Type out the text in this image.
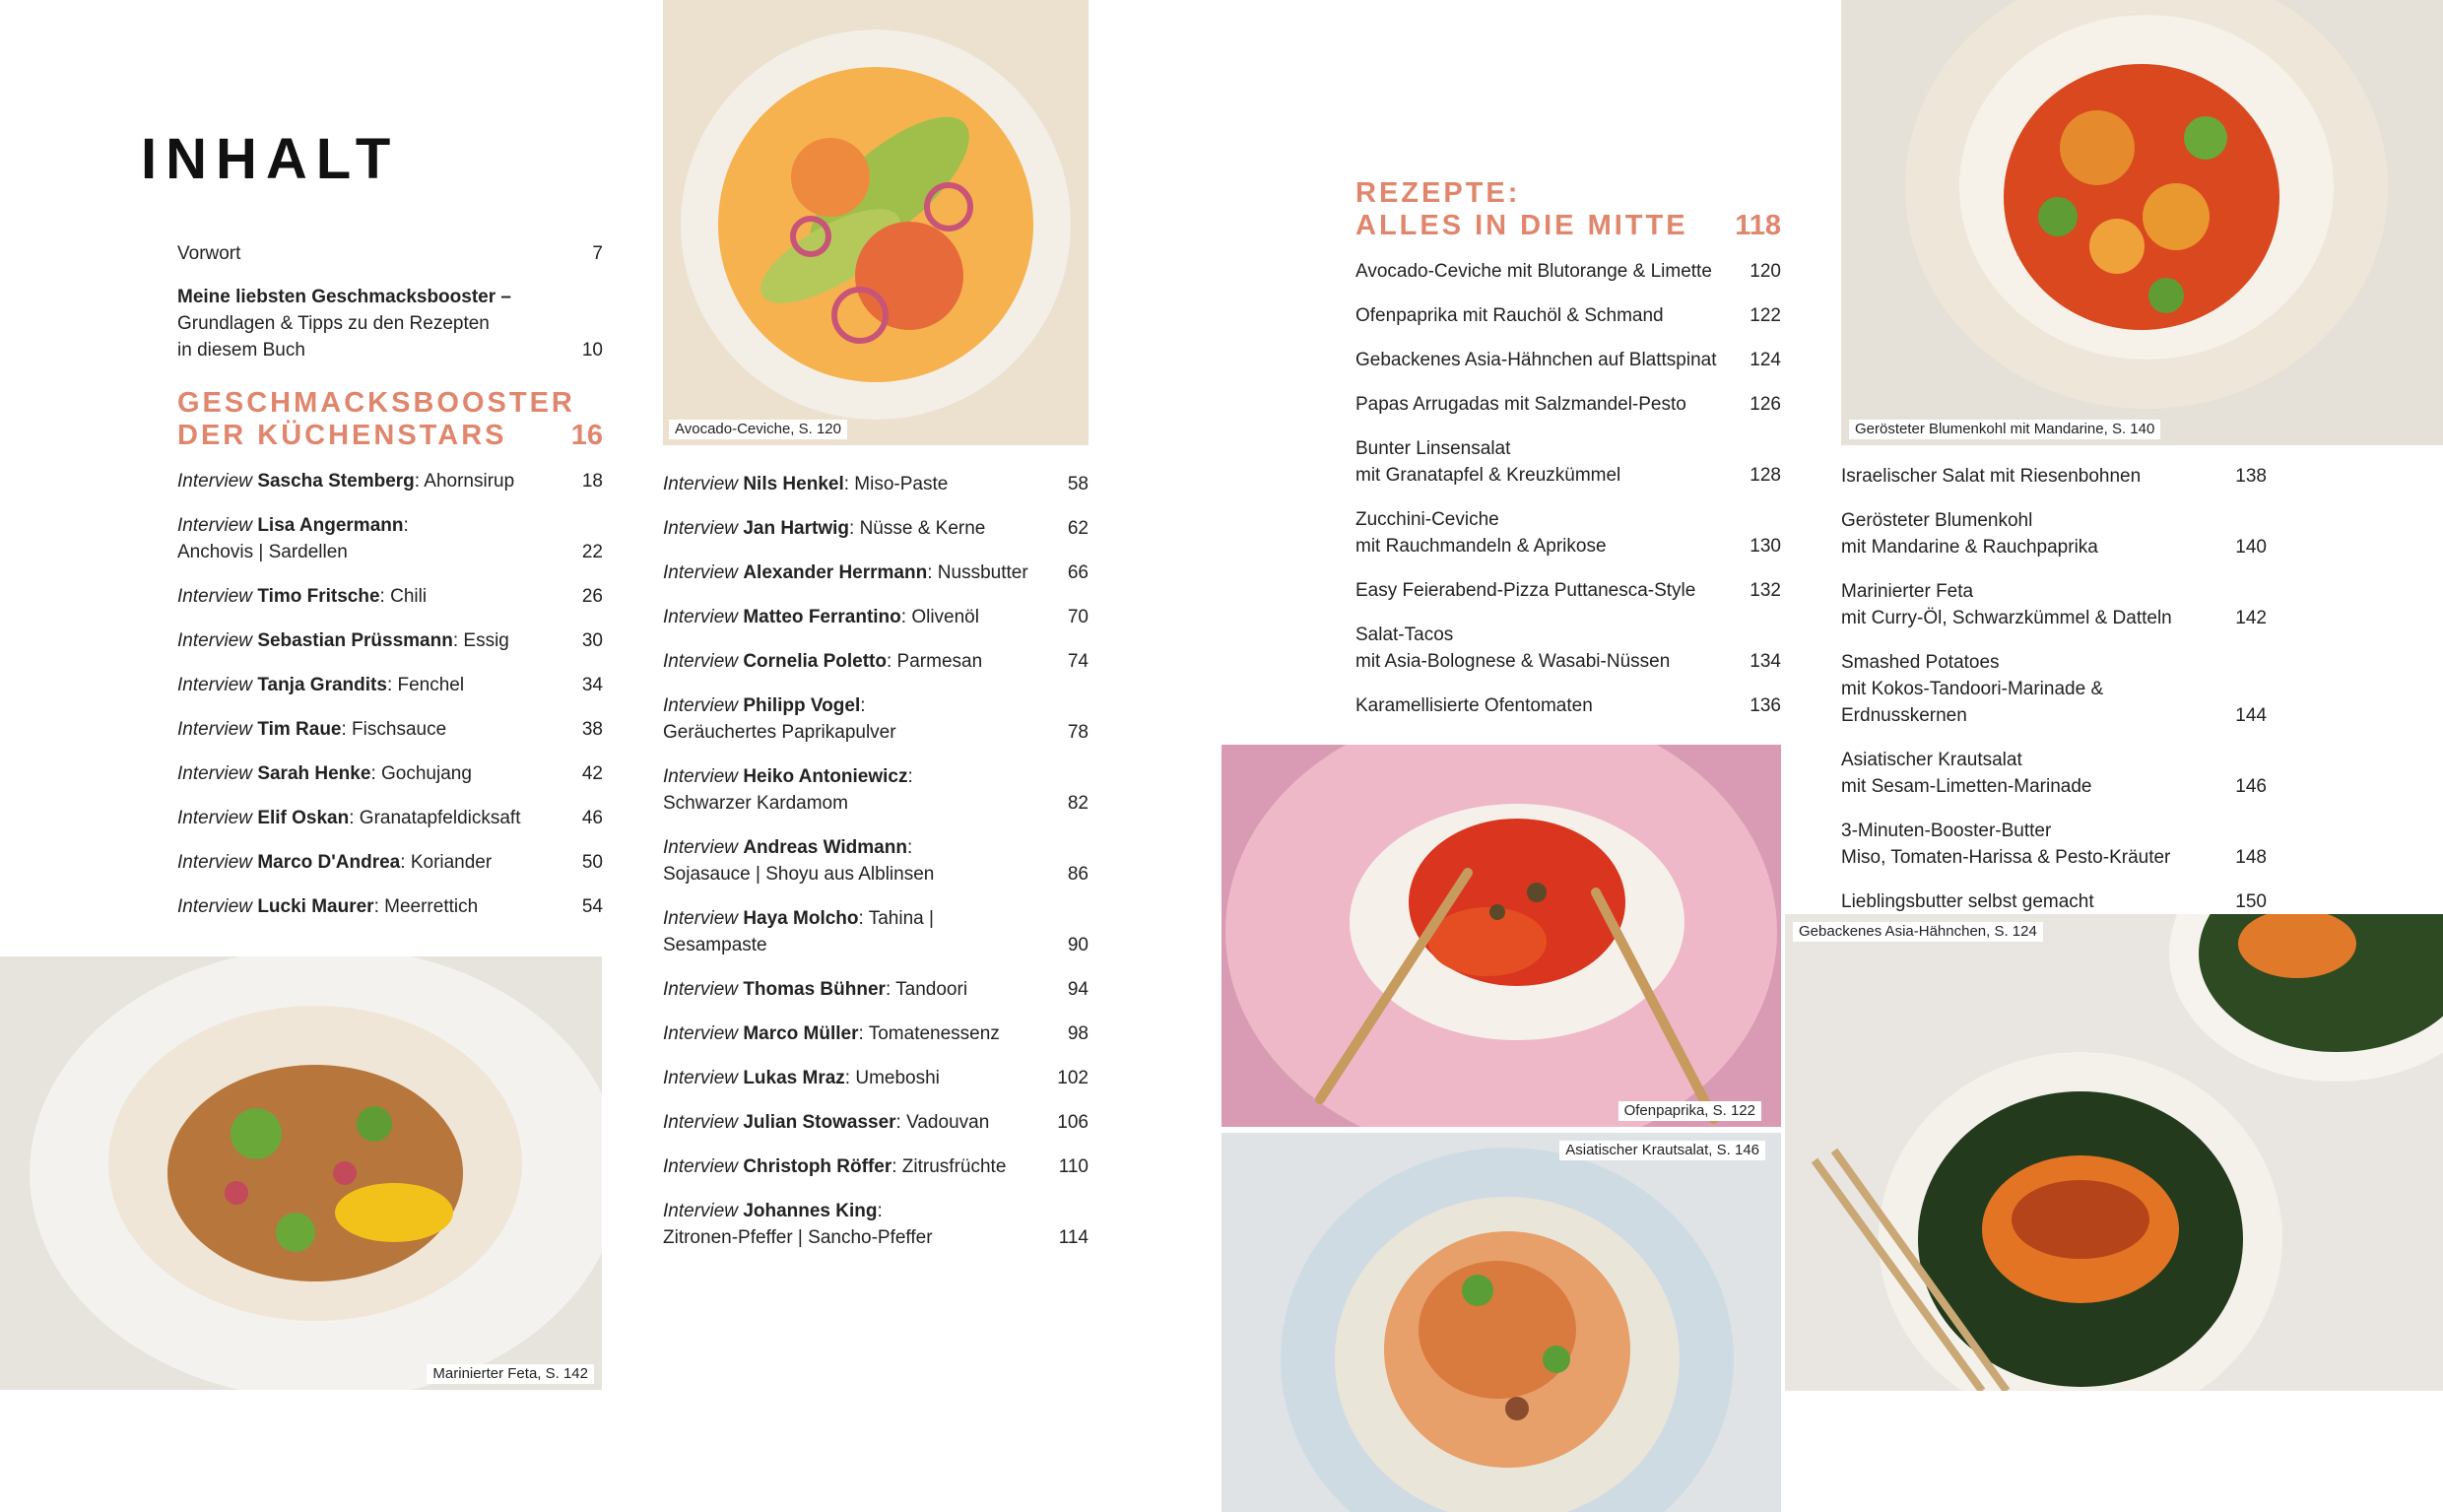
INHALT
Vorwort	7
Meine liebsten Geschmacksbooster –
Grundlagen & Tipps zu den Rezepten
in diesem Buch	10
GESCHMACKSBOOSTER
DER KÜCHENSTARS 16
Interview Sascha Stemberg: Ahornsirup	18
Interview Lisa Angermann:
Anchovis | Sardellen	22
Interview Timo Fritsche: Chili	26
Interview Sebastian Prüssmann: Essig	30
Interview Tanja Grandits: Fenchel	34
Interview Tim Raue: Fischsauce	38
Interview Sarah Henke: Gochujang	42
Interview Elif Oskan: Granatapfeldicksaft	46
Interview Marco D'Andrea: Koriander	50
Interview Lucki Maurer: Meerrettich	54
Interview Nils Henkel: Miso-Paste	58
Interview Jan Hartwig: Nüsse & Kerne	62
Interview Alexander Herrmann: Nussbutter 66
Interview Matteo Ferrantino: Olivenöl	70
Interview Cornelia Poletto: Parmesan	74
Interview Philipp Vogel:
Geräuchertes Paprikapulver	78
Interview Heiko Antoniewicz:
Schwarzer Kardamom	82
Interview Andreas Widmann:
Sojasauce | Shoyu aus Alblinsen	86
Interview Haya Molcho: Tahina | Sesampaste	90
Interview Thomas Bühner: Tandoori	94
Interview Marco Müller: Tomatenessenz	98
Interview Lukas Mraz: Umeboshi	102
Interview Julian Stowasser: Vadouvan	106
Interview Christoph Röffer: Zitrusfrüchte	110
Interview Johannes King:
Zitronen-Pfeffer | Sancho-Pfeffer	114
REZEPTE:
ALLES IN DIE MITTE 118
Avocado-Ceviche mit Blutorange & Limette 120
Ofenpaprika mit Rauchöl & Schmand	122
Gebackenes Asia-Hähnchen auf Blattspinat 124
Papas Arrugadas mit Salzmandel-Pesto	126
Bunter Linsensalat
mit Granatapfel & Kreuzkümmel	128
Zucchini-Ceviche
mit Rauchmandeln & Aprikose	130
Easy Feierabend-Pizza Puttanesca-Style	132
Salat-Tacos
mit Asia-Bolognese & Wasabi-Nüssen	134
Karamellisierte Ofentomaten	136
Israelischer Salat mit Riesenbohnen	138
Gerösteter Blumenkohl
mit Mandarine & Rauchpaprika	140
Marinierter Feta
mit Curry-Öl, Schwarzkümmel & Datteln	142
Smashed Potatoes
mit Kokos-Tandoori-Marinade & Erdnusskernen	144
Asiatischer Krautsalat
mit Sesam-Limetten-Marinade	146
3-Minuten-Booster-Butter
Miso, Tomaten-Harissa & Pesto-Kräuter	148
Lieblingsbutter selbst gemacht	150
Avocado-Ceviche, S. 120
Marinierter Feta, S. 142
Ofenpaprika, S. 122
Asiatischer Krautsalat, S. 146
Gerösteter Blumenkohl mit Mandarine, S. 140
Gebackenes Asia-Hähnchen, S. 124
